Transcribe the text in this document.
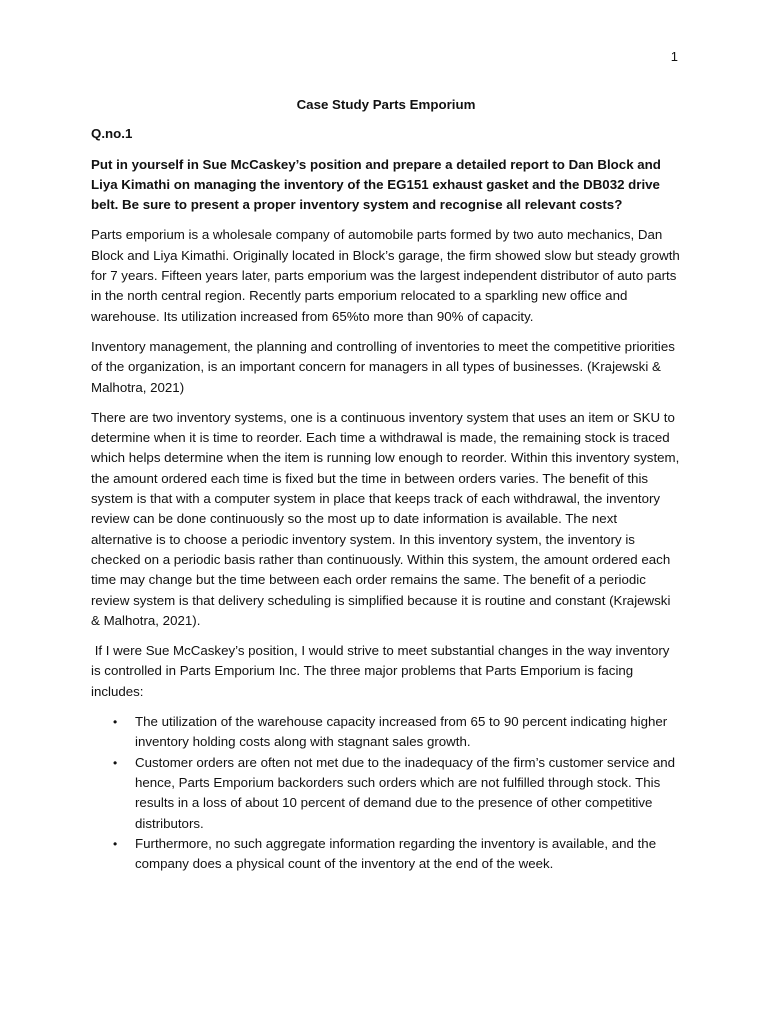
1
Case Study Parts Emporium
Q.no.1
Put in yourself in Sue McCaskey’s position and prepare a detailed report to Dan Block and Liya Kimathi on managing the inventory of the EG151 exhaust gasket and the DB032 drive belt. Be sure to present a proper inventory system and recognise all relevant costs?

Parts emporium is a wholesale company of automobile parts formed by two auto mechanics, Dan Block and Liya Kimathi. Originally located in Block’s garage, the firm showed slow but steady growth for 7 years. Fifteen years later, parts emporium was the largest independent distributor of auto parts in the north central region. Recently parts emporium relocated to a sparkling new office and warehouse. Its utilization increased from 65%to more than 90% of capacity.

Inventory management, the planning and controlling of inventories to meet the competitive priorities of the organization, is an important concern for managers in all types of businesses. (Krajewski & Malhotra, 2021)

There are two inventory systems, one is a continuous inventory system that uses an item or SKU to determine when it is time to reorder. Each time a withdrawal is made, the remaining stock is traced which helps determine when the item is running low enough to reorder. Within this inventory system, the amount ordered each time is fixed but the time in between orders varies. The benefit of this system is that with a computer system in place that keeps track of each withdrawal, the inventory review can be done continuously so the most up to date information is available. The next alternative is to choose a periodic inventory system. In this inventory system, the inventory is checked on a periodic basis rather than continuously. Within this system, the amount ordered each time may change but the time between each order remains the same. The benefit of a periodic review system is that delivery scheduling is simplified because it is routine and constant (Krajewski & Malhotra, 2021).

If I were Sue McCaskey’s position, I would strive to meet substantial changes in the way inventory is controlled in Parts Emporium Inc. The three major problems that Parts Emporium is facing includes:

• The utilization of the warehouse capacity increased from 65 to 90 percent indicating higher inventory holding costs along with stagnant sales growth.
• Customer orders are often not met due to the inadequacy of the firm’s customer service and hence, Parts Emporium backorders such orders which are not fulfilled through stock. This results in a loss of about 10 percent of demand due to the presence of other competitive distributors.
• Furthermore, no such aggregate information regarding the inventory is available, and the company does a physical count of the inventory at the end of the week.
